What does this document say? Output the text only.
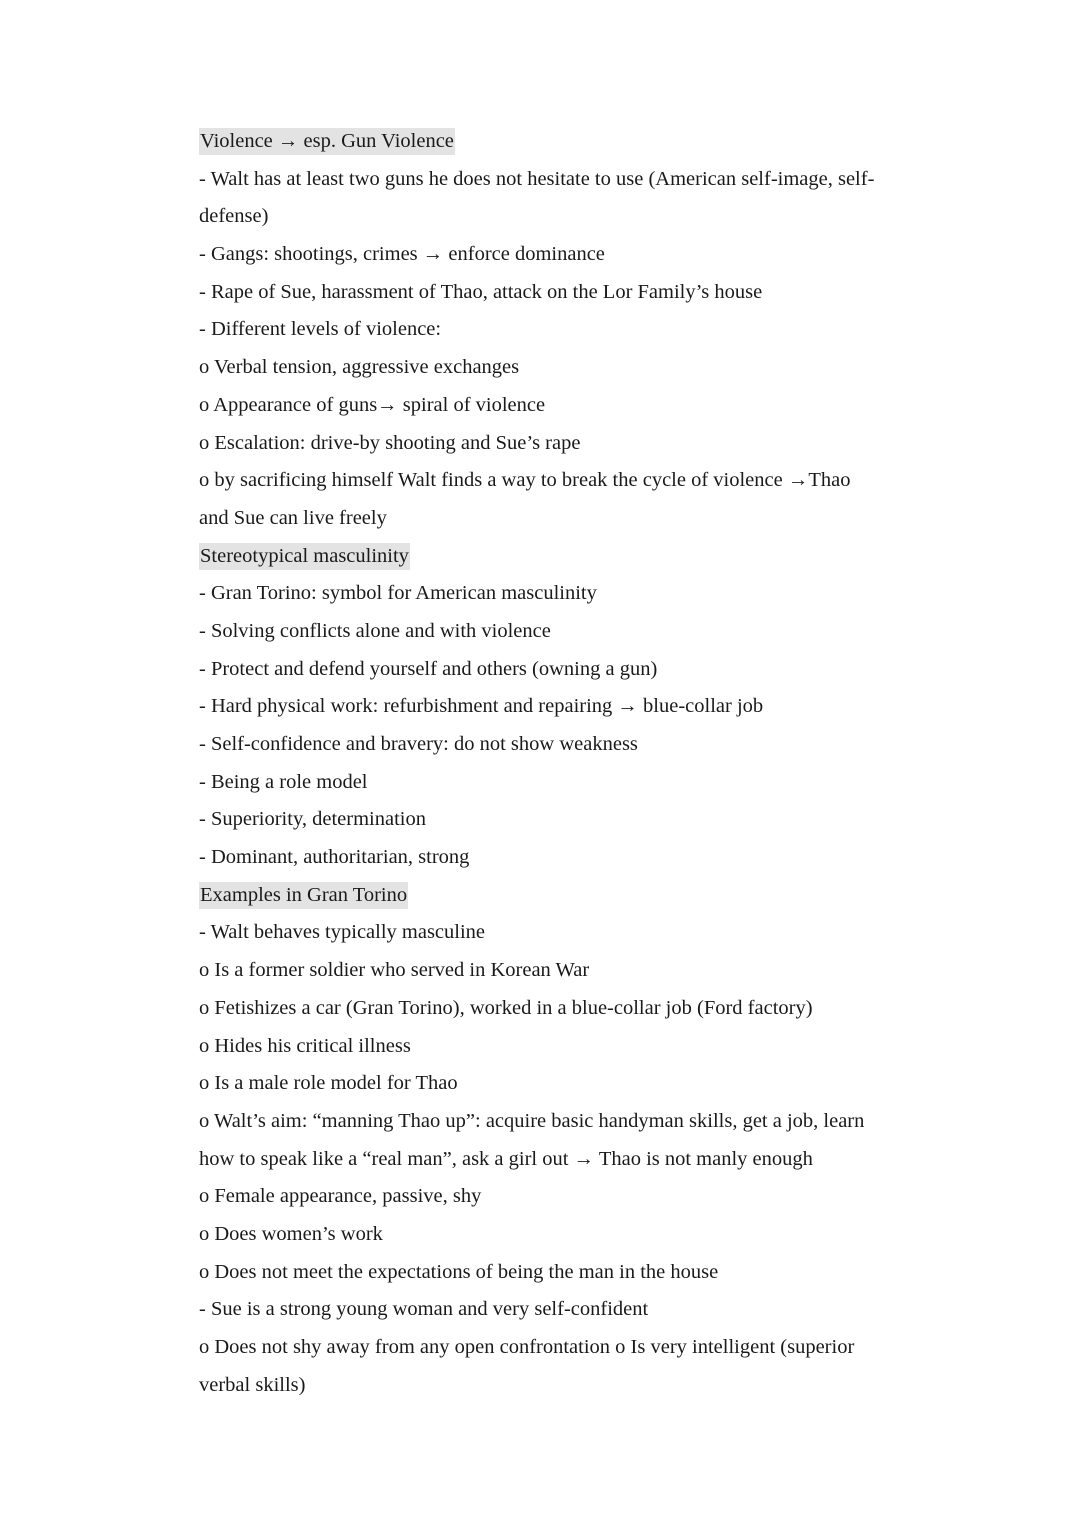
Violence → esp. Gun Violence
- Walt has at least two guns he does not hesitate to use (American self-image, self-
defense)
- Gangs: shootings, crimes → enforce dominance
- Rape of Sue, harassment of Thao, attack on the Lor Family’s house
- Different levels of violence:
o Verbal tension, aggressive exchanges
o Appearance of guns→ spiral of violence
o Escalation: drive-by shooting and Sue’s rape
o by sacrificing himself Walt finds a way to break the cycle of violence →Thao
and Sue can live freely
Stereotypical masculinity
- Gran Torino: symbol for American masculinity
- Solving conflicts alone and with violence
- Protect and defend yourself and others (owning a gun)
- Hard physical work: refurbishment and repairing → blue-collar job
- Self-confidence and bravery: do not show weakness
- Being a role model
- Superiority, determination
- Dominant, authoritarian, strong
Examples in Gran Torino
- Walt behaves typically masculine
o Is a former soldier who served in Korean War
o Fetishizes a car (Gran Torino), worked in a blue-collar job (Ford factory)
o Hides his critical illness
o Is a male role model for Thao
o Walt’s aim: “manning Thao up”: acquire basic handyman skills, get a job, learn
how to speak like a “real man”, ask a girl out → Thao is not manly enough
o Female appearance, passive, shy
o Does women’s work
o Does not meet the expectations of being the man in the house
- Sue is a strong young woman and very self-confident
o Does not shy away from any open confrontation o Is very intelligent (superior
verbal skills)
